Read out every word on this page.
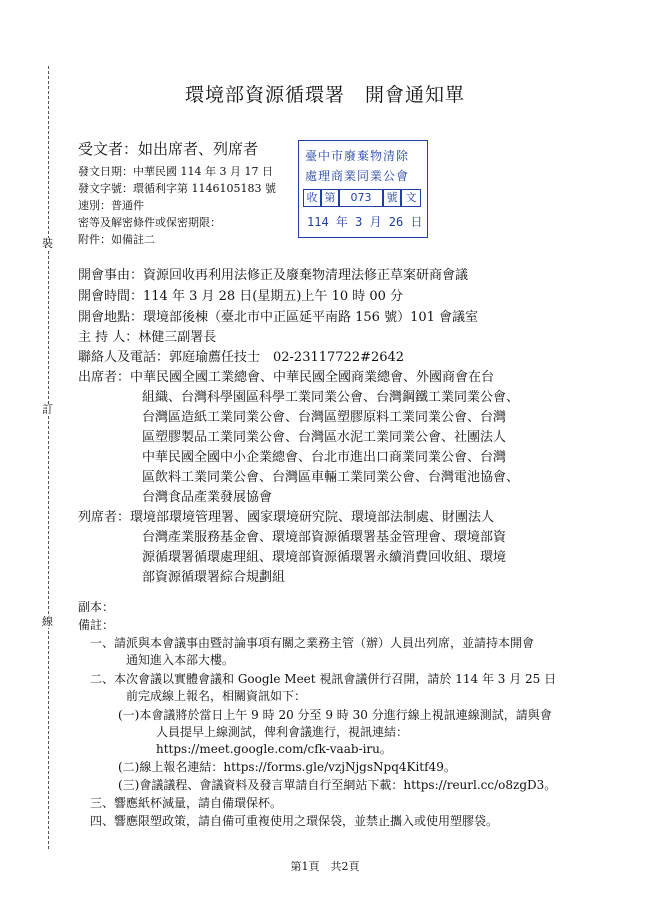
裝
訂
線
環境部資源循環署　開會通知單
受文者：如出席者、列席者
發文日期：中華民國 114 年 3 月 17 日
發文字號：環循利字第 1146105183 號
速別：普通件
密等及解密條件或保密期限：
附件：如備註二
臺中市廢棄物清除
處理商業同業公會
收 第	073	號 文
114 年 3 月 26 日
開會事由：資源回收再利用法修正及廢棄物清理法修正草案研商會議
開會時間：114 年 3 月 28 日(星期五)上午 10 時 00 分
開會地點：環境部後棟（臺北市中正區延平南路 156 號）101 會議室
主 持 人：林健三副署長
聯絡人及電話：郭庭瑜薦任技士　02-23117722#2642
出席者： 中華民國全國工業總會、中華民國全國商業總會、外國商會在台
組織、台灣科學園區科學工業同業公會、台灣鋼鐵工業同業公會、
台灣區造紙工業同業公會、台灣區塑膠原料工業同業公會、台灣
區塑膠製品工業同業公會、台灣區水泥工業同業公會、社團法人
中華民國全國中小企業總會、台北市進出口商業同業公會、台灣
區飲料工業同業公會、台灣區車輛工業同業公會、台灣電池協會、
台灣食品產業發展協會
列席者： 環境部環境管理署、國家環境研究院、環境部法制處、財團法人
台灣產業服務基金會、環境部資源循環署基金管理會、環境部資
源循環署循環處理組、環境部資源循環署永續消費回收組、環境
部資源循環署綜合規劃組
副本：
備註：
一、請派與本會議事由暨討論事項有關之業務主管（辦）人員出列席，並請持本開會
通知進入本部大樓。
二、本次會議以實體會議和 Google Meet 視訊會議併行召開，請於 114 年 3 月 25 日
前完成線上報名，相關資訊如下：
(一)本會議將於當日上午 9 時 20 分至 9 時 30 分進行線上視訊連線測試，請與會
人員提早上線測試，俾利會議進行，視訊連結：
https://meet.google.com/cfk-vaab-iru。
(二)線上報名連結：https://forms.gle/vzjNjgsNpq4Kitf49。
(三)會議議程、會議資料及發言單請自行至網站下載：https://reurl.cc/o8zgD3。
三、響應紙杯減量，請自備環保杯。
四、響應限塑政策，請自備可重複使用之環保袋，並禁止攜入或使用塑膠袋。
第1頁　共2頁
